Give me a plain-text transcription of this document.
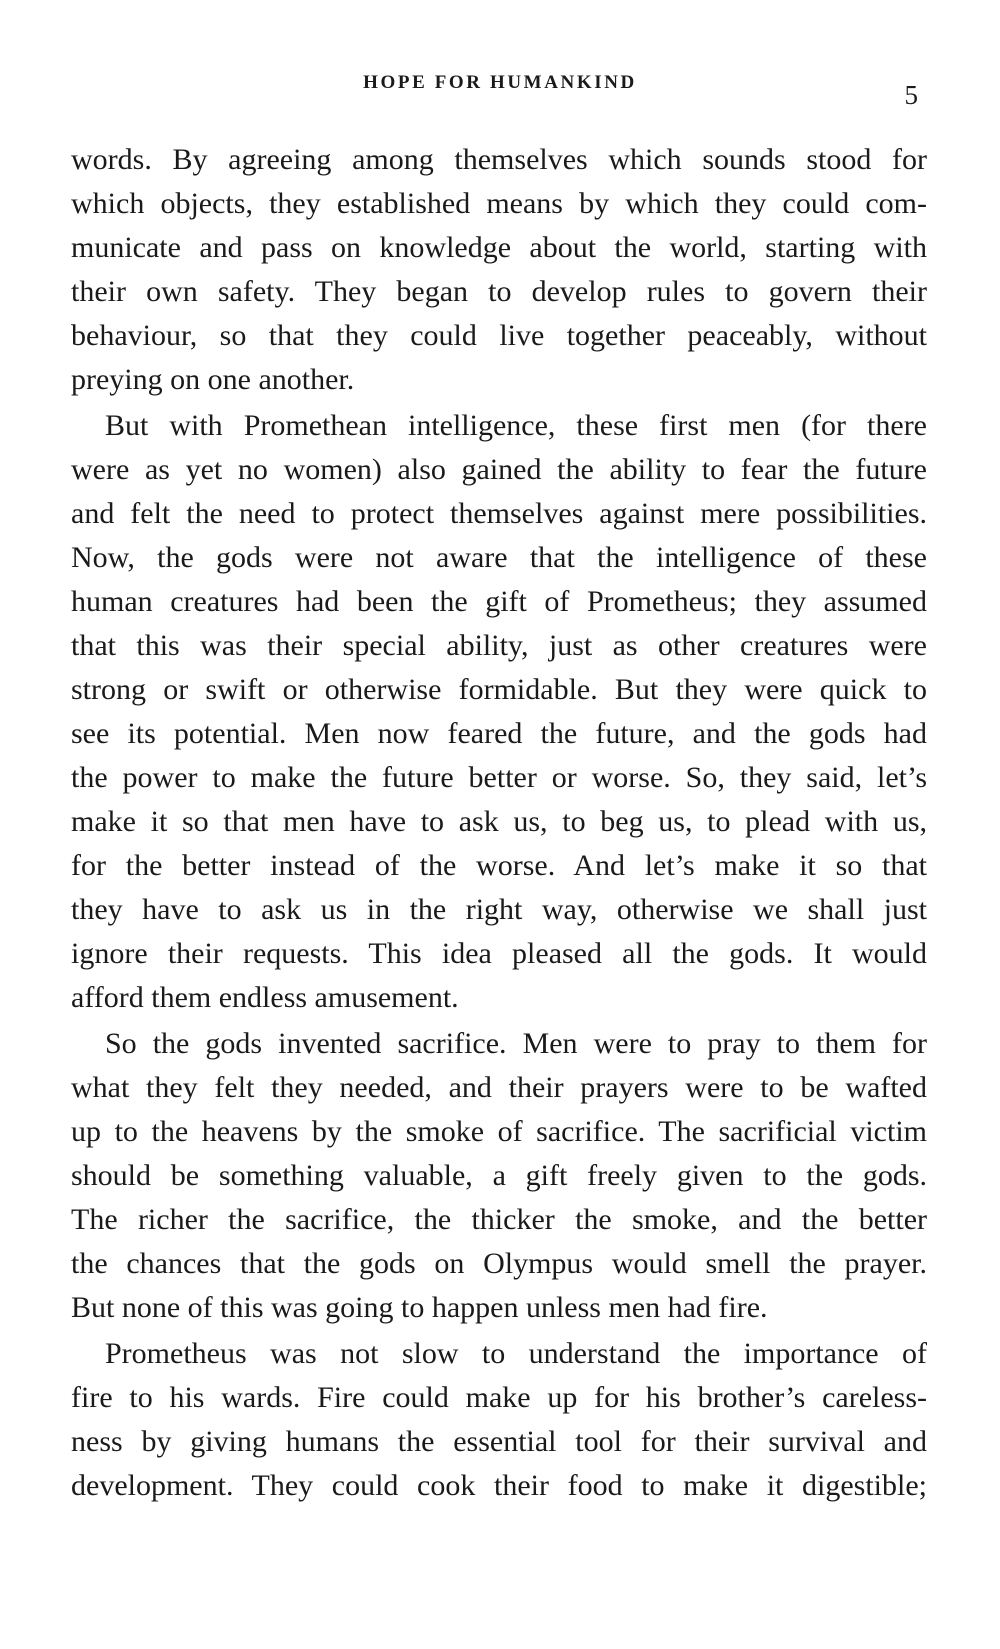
HOPE FOR HUMANKIND	5
words. By agreeing among themselves which sounds stood for
which objects, they established means by which they could com-
municate and pass on knowledge about the world, starting with
their own safety. They began to develop rules to govern their
behaviour, so that they could live together peaceably, without
preying on one another.
But with Promethean intelligence, these first men (for there
were as yet no women) also gained the ability to fear the future
and felt the need to protect themselves against mere possibilities.
Now, the gods were not aware that the intelligence of these
human creatures had been the gift of Prometheus; they assumed
that this was their special ability, just as other creatures were
strong or swift or otherwise formidable. But they were quick to
see its potential. Men now feared the future, and the gods had
the power to make the future better or worse. So, they said, let’s
make it so that men have to ask us, to beg us, to plead with us,
for the better instead of the worse. And let’s make it so that
they have to ask us in the right way, otherwise we shall just
ignore their requests. This idea pleased all the gods. It would
afford them endless amusement.
So the gods invented sacrifice. Men were to pray to them for
what they felt they needed, and their prayers were to be wafted
up to the heavens by the smoke of sacrifice. The sacrificial victim
should be something valuable, a gift freely given to the gods.
The richer the sacrifice, the thicker the smoke, and the better
the chances that the gods on Olympus would smell the prayer.
But none of this was going to happen unless men had fire.
Prometheus was not slow to understand the importance of
fire to his wards. Fire could make up for his brother’s careless-
ness by giving humans the essential tool for their survival and
development. They could cook their food to make it digestible;
